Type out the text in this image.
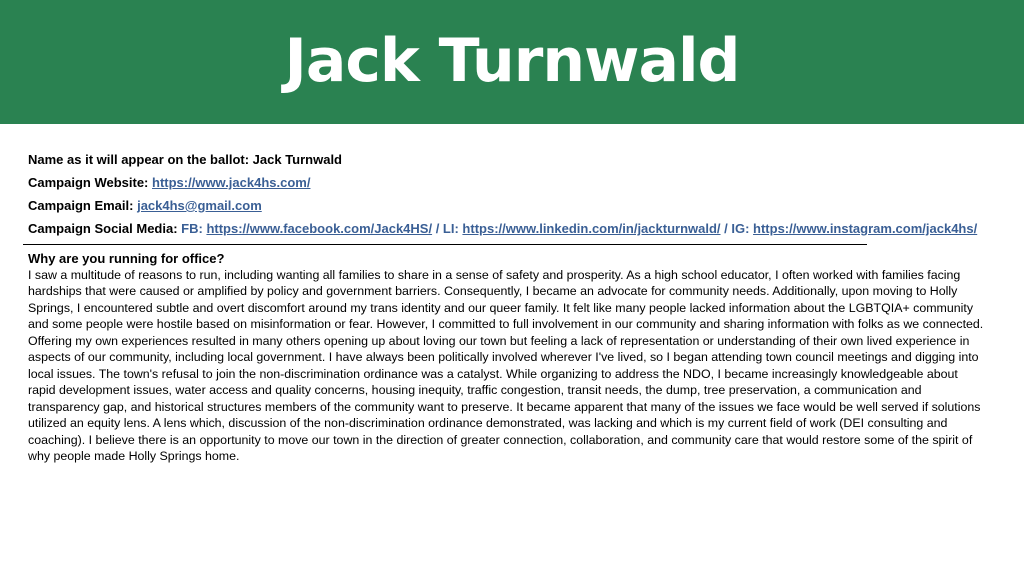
Jack Turnwald

Name as it will appear on the ballot: Jack Turnwald

Campaign Website: https://www.jack4hs.com/

Campaign Email: jack4hs@gmail.com

Campaign Social Media: FB: https://www.facebook.com/Jack4HS/ / LI: https://www.linkedin.com/in/jackturnwald/ / IG: https://www.instagram.com/jack4hs/

Why are you running for office?

I saw a multitude of reasons to run, including wanting all families to share in a sense of safety and prosperity. As a high school educator, I often worked with families facing hardships that were caused or amplified by policy and government barriers. Consequently, I became an advocate for community needs. Additionally, upon moving to Holly Springs, I encountered subtle and overt discomfort around my trans identity and our queer family. It felt like many people lacked information about the LGBTQIA+ community and some people were hostile based on misinformation or fear. However, I committed to full involvement in our community and sharing information with folks as we connected. Offering my own experiences resulted in many others opening up about loving our town but feeling a lack of representation or understanding of their own lived experience in aspects of our community, including local government. I have always been politically involved wherever I've lived, so I began attending town council meetings and digging into local issues. The town's refusal to join the non-discrimination ordinance was a catalyst. While organizing to address the NDO, I became increasingly knowledgeable about rapid development issues, water access and quality concerns, housing inequity, traffic congestion, transit needs, the dump, tree preservation, a communication and transparency gap, and historical structures members of the community want to preserve. It became apparent that many of the issues we face would be well served if solutions utilized an equity lens. A lens which, discussion of the non-discrimination ordinance demonstrated, was lacking and which is my current field of work (DEI consulting and coaching). I believe there is an opportunity to move our town in the direction of greater connection, collaboration, and community care that would restore some of the spirit of why people made Holly Springs home.
